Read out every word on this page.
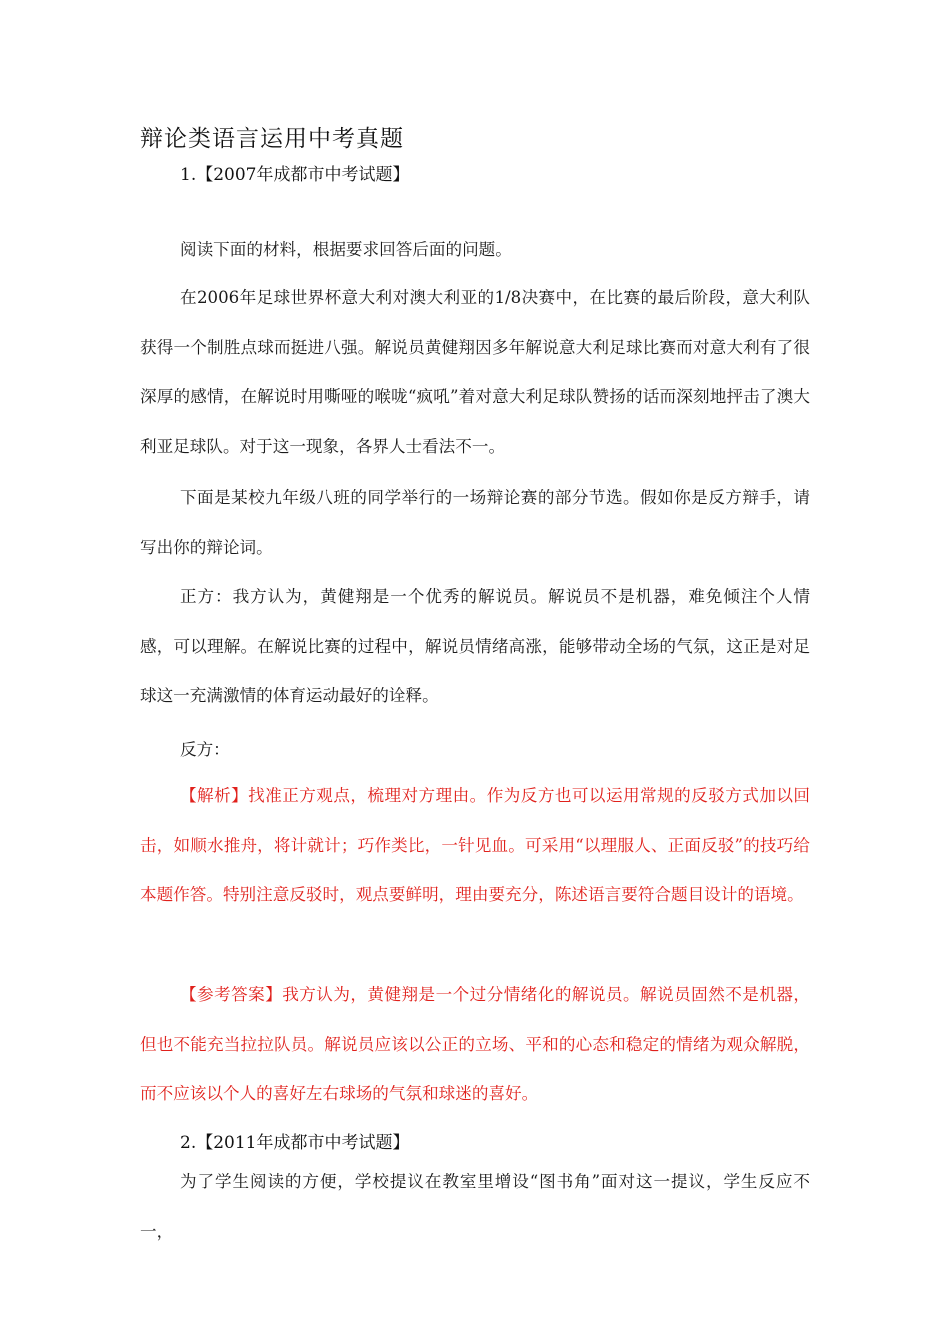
辩论类语言运用中考真题
1.【2007年成都市中考试题】
阅读下面的材料，根据要求回答后面的问题。

在2006年足球世界杯意大利对澳大利亚的1/8决赛中，在比赛的最后阶段，意大利队获得一个制胜点球而挺进八强。解说员黄健翔因多年解说意大利足球比赛而对意大利有了很深厚的感情，在解说时用嘶哑的喉咙“疯吼”着对意大利足球队赞扬的话而深刻地抨击了澳大利亚足球队。对于这一现象，各界人士看法不一。

下面是某校九年级八班的同学举行的一场辩论赛的部分节选。假如你是反方辩手，请写出你的辩论词。

正方：我方认为，黄健翔是一个优秀的解说员。解说员不是机器，难免倾注个人情感，可以理解。在解说比赛的过程中，解说员情绪高涨，能够带动全场的气氛，这正是对足球这一充满激情的体育运动最好的诠释。

反方：

【解析】找准正方观点，梳理对方理由。作为反方也可以运用常规的反驳方式加以回击，如顺水推舟，将计就计；巧作类比，一针见血。可采用“以理服人、正面反驳”的技巧给本题作答。特别注意反驳时，观点要鲜明，理由要充分，陈述语言要符合题目设计的语境。

【参考答案】我方认为，黄健翔是一个过分情绪化的解说员。解说员固然不是机器，但也不能充当拉拉队员。解说员应该以公正的立场、平和的心态和稳定的情绪为观众解脱，而不应该以个人的喜好左右球场的气氛和球迷的喜好。

2.【2011年成都市中考试题】

为了学生阅读的方便，学校提议在教室里增设“图书角”面对这一提议，学生反应不一，
